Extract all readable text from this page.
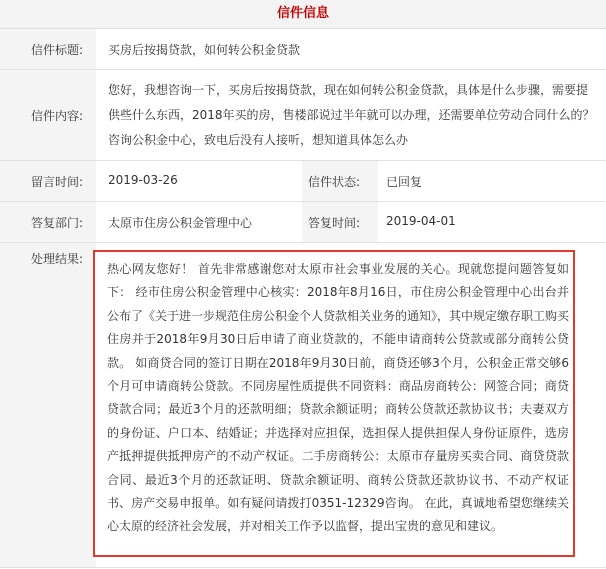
信件信息
信件标题:	买房后按揭贷款，如何转公积金贷款
信件内容:
您好，我想咨询一下，买房后按揭贷款，现在如何转公积金贷款，具体是什么步骤，需要提供些什么东西，2018年买的房，售楼部说过半年就可以办理，还需要单位劳动合同什么的？咨询公积金中心，致电后没有人接听，想知道具体怎么办
留言时间:	2019-03-26	信件状态:	已回复
答复部门:	太原市住房公积金管理中心	答复时间:	2019-04-01
处理结果:
热心网友您好！ 首先非常感谢您对太原市社会事业发展的关心。现就您提问题答复如下： 经市住房公积金管理中心核实：2018年8月16日，市住房公积金管理中心出台并公布了《关于进一步规范住房公积金个人贷款相关业务的通知》，其中规定缴存职工购买住房并于2018年9月30日后申请了商业贷款的，不能申请商转公贷款或部分商转公贷款。 如商贷合同的签订日期在2018年9月30日前，商贷还够3个月，公积金正常交够6个月可申请商转公贷款。不同房屋性质提供不同资料：商品房商转公：网签合同；商贷贷款合同；最近3个月的还款明细；贷款余额证明；商转公贷款还款协议书；夫妻双方的身份证、户口本、结婚证；并选择对应担保，选担保人提供担保人身份证原件，选房产抵押提供抵押房产的不动产权证。二手房商转公：太原市存量房买卖合同、商贷贷款合同、最近3个月的还款证明、贷款余额证明、商转公贷款还款协议书、不动产权证书、房产交易申报单。如有疑问请拨打0351-12329咨询。 在此，真诚地希望您继续关心太原的经济社会发展，并对相关工作予以监督，提出宝贵的意见和建议。
